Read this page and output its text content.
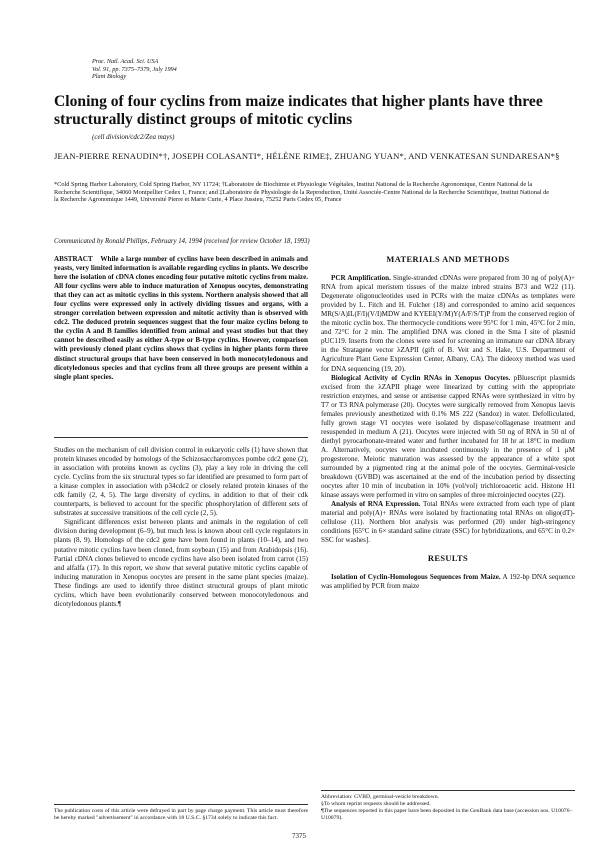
Proc. Natl. Acad. Sci. USA
Vol. 91, pp. 7375–7379, July 1994
Plant Biology
Cloning of four cyclins from maize indicates that higher plants have three structurally distinct groups of mitotic cyclins
(cell division/cdc2/Zea mays)
JEAN-PIERRE RENAUDIN*†, JOSEPH COLASANTI*, HÉLÈNE RIME‡, ZHUANG YUAN*, AND VENKATESAN SUNDARESAN*§
*Cold Spring Harbor Laboratory, Cold Spring Harbor, NY 11724; †Laboratoire de Biochimie et Physiologie Végétales, Institut National de la Recherche Agronomique, Centre National de la Recherche Scientifique, 34060 Montpellier Cedex 1, France; and ‡Laboratoire de Physiologie de la Reproduction, Unité Associée-Centre National de la Recherche Scientifique, Institut National de la Recherche Agronomique 1449, Université Pierre et Marie Curie, 4 Place Jussieu, 75252 Paris Cedex 05, France
Communicated by Ronald Phillips, February 14, 1994 (received for review October 18, 1993)
ABSTRACT While a large number of cyclins have been described in animals and yeasts, very limited information is available regarding cyclins in plants. We describe here the isolation of cDNA clones encoding four putative mitotic cyclins from maize. All four cyclins were able to induce maturation of Xenopus oocytes, demonstrating that they can act as mitotic cyclins in this system. Northern analysis showed that all four cyclins were expressed only in actively dividing tissues and organs, with a stronger correlation between expression and mitotic activity than is observed with cdc2. The deduced protein sequences suggest that the four maize cyclins belong to the cyclin A and B families identified from animal and yeast studies but that they cannot be described easily as either A-type or B-type cyclins. However, comparison with previously cloned plant cyclins shows that cyclins in higher plants form three distinct structural groups that have been conserved in both monocotyledonous and dicotyledonous species and that cyclins from all three groups are present within a single plant species.

Studies on the mechanism of cell division control in eukaryotic cells (1) have shown that protein kinases encoded by homologs of the Schizosaccharomyces pombe cdc2 gene (2), in association with proteins known as cyclins (3), play a key role in driving the cell cycle. Cyclins from the six structural types so far identified are presumed to form part of a kinase complex in association with p34cdc2 or closely related protein kinases of the cdk family (2, 4, 5). The large diversity of cyclins, in addition to that of their cdk counterparts, is believed to account for the specific phosphorylation of different sets of substrates at successive transitions of the cell cycle (2, 5).

Significant differences exist between plants and animals in the regulation of cell division during development (6–9), but much less is known about cell cycle regulators in plants (8, 9). Homologs of the cdc2 gene have been found in plants (10–14), and two putative mitotic cyclins have been cloned, from soybean (15) and from Arabidopsis (16). Partial cDNA clones believed to encode cyclins have also been isolated from carrot (15) and alfalfa (17). In this report, we show that several putative mitotic cyclins capable of inducing maturation in Xenopus oocytes are present in the same plant species (maize). These findings are used to identify three distinct structural groups of plant mitotic cyclins, which have been evolutionarily conserved between monocotyledonous and dicotyledonous plants.¶

The publication costs of this article were defrayed in part by page charge payment. This article must therefore be hereby marked "advertisement" in accordance with 18 U.S.C. §1734 solely to indicate this fact.
MATERIALS AND METHODS

PCR Amplification. Single-stranded cDNAs were prepared from 30 ng of poly(A)+ RNA from apical meristem tissues of the maize inbred strains B73 and W22 (11). Degenerate oligonucleotides used in PCRs with the maize cDNAs as templates were provided by L. Fitch and H. Fulcher (18) and corresponded to amino acid sequences MR(S/A)IL(F/I)(V/I)MDW and KYEEI(Y/M)Y(A/F/S/T)P from the conserved region of the mitotic cyclin box. The thermocycle conditions were 95°C for 1 min, 45°C for 2 min, and 72°C for 2 min. The amplified DNA was cloned in the Sma I site of plasmid pUC119. Inserts from the clones were used for screening an immature ear cDNA library in the Stratagene vector λZAPII (gift of B. Veit and S. Hake, U.S. Department of Agriculture Plant Gene Expression Center, Albany, CA). The dideoxy method was used for DNA sequencing (19, 20).

Biological Activity of Cyclin RNAs in Xenopus Oocytes. pBluescript plasmids excised from the λZAPII phage were linearized by cutting with the appropriate restriction enzymes, and sense or antisense capped RNAs were synthesized in vitro by T7 or T3 RNA polymerase (20). Oocytes were surgically removed from Xenopus laevis females previously anesthetized with 0.1% MS 222 (Sandoz) in water. Defolliculated, fully grown stage VI oocytes were isolated by dispase/collagenase treatment and resuspended in medium A (21). Oocytes were injected with 50 ng of RNA in 50 nl of diethyl pyrocarbonate-treated water and further incubated for 18 hr at 18°C in medium A. Alternatively, oocytes were incubated continuously in the presence of 1 μM progesterone. Meiotic maturation was assessed by the appearance of a white spot surrounded by a pigmented ring at the animal pole of the oocytes. Germinal-vesicle breakdown (GVBD) was ascertained at the end of the incubation period by dissecting oocytes after 10 min of incubation in 10% (vol/vol) trichloroacetic acid. Histone H1 kinase assays were performed in vitro on samples of three microinjected oocytes (22).

Analysis of RNA Expression. Total RNAs were extracted from each type of plant material and poly(A)+ RNAs were isolated by fractionating total RNAs on oligo(dT)-cellulose (11). Northern blot analysis was performed (20) under high-stringency conditions [65°C in 6× standard saline citrate (SSC) for hybridizations, and 65°C in 0.2× SSC for washes].

RESULTS

Isolation of Cyclin-Homologous Sequences from Maize. A 192-bp DNA sequence was amplified by PCR from maize

Abbreviation: GVBD, germinal-vesicle breakdown.
§To whom reprint requests should be addressed.
¶The sequences reported in this paper have been deposited in the GenBank data base (accession nos. U10076–U10079).
7375
